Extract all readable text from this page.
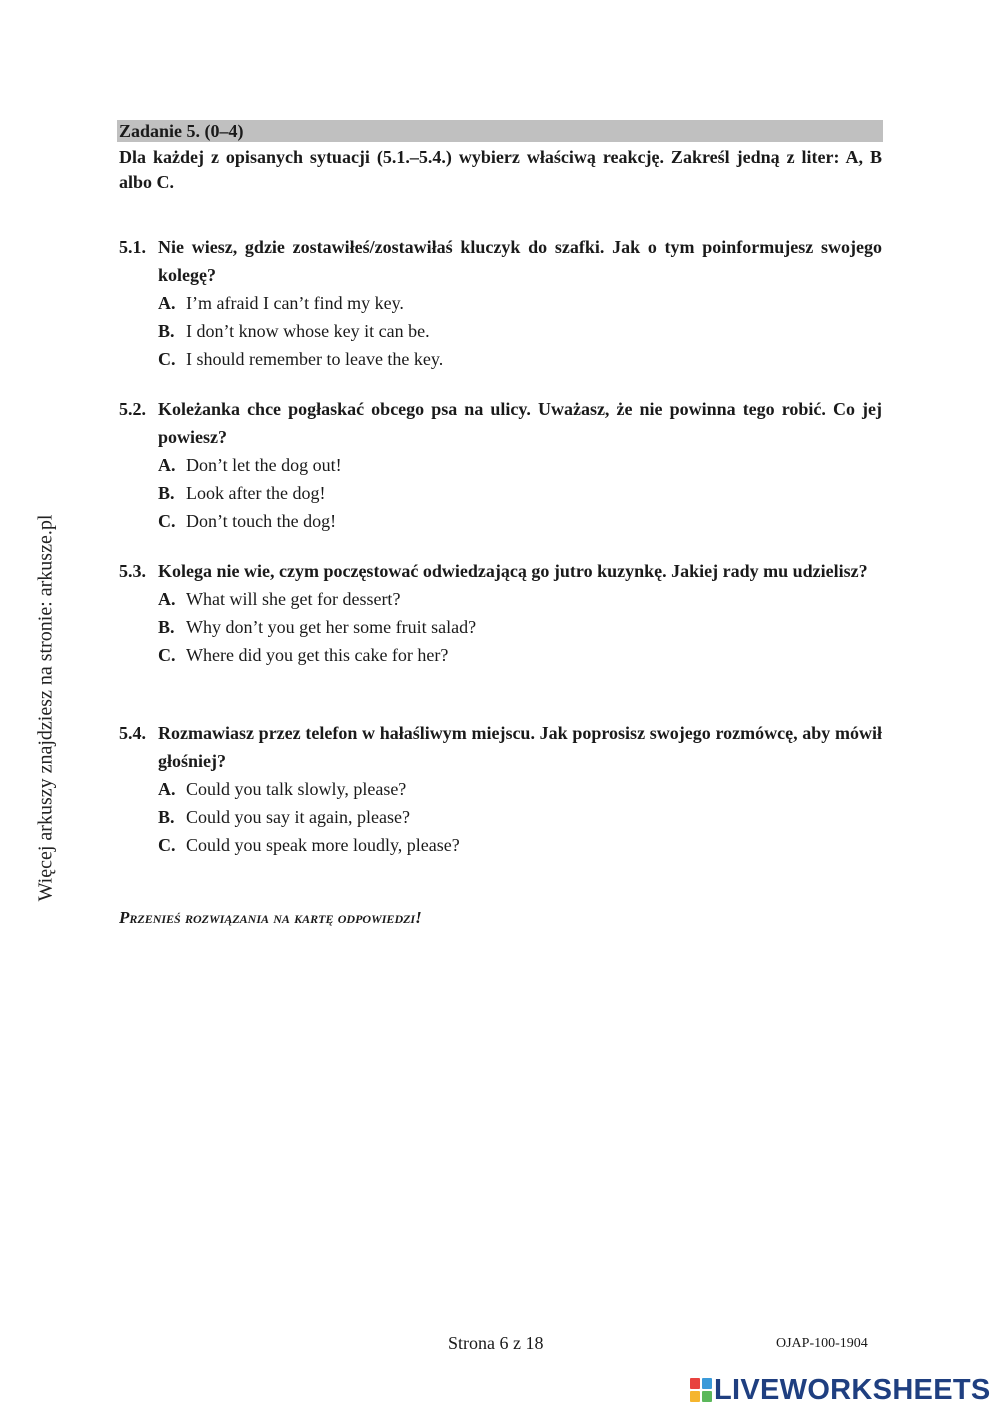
Zadanie 5. (0–4)
Dla każdej z opisanych sytuacji (5.1.–5.4.) wybierz właściwą reakcję. Zakreśl jedną z liter: A, B albo C.
Więcej arkuszy znajdziesz na stronie: arkusze.pl
5.1. Nie wiesz, gdzie zostawiłeś/zostawiłaś kluczyk do szafki. Jak o tym poinformujesz swojego kolegę?
A. I’m afraid I can’t find my key.
B. I don’t know whose key it can be.
C. I should remember to leave the key.
5.2. Koleżanka chce pogłaskać obcego psa na ulicy. Uważasz, że nie powinna tego robić. Co jej powiesz?
A. Don’t let the dog out!
B. Look after the dog!
C. Don’t touch the dog!
5.3. Kolega nie wie, czym poczęstować odwiedzającą go jutro kuzynkę. Jakiej rady mu udzielisz?
A. What will she get for dessert?
B. Why don’t you get her some fruit salad?
C. Where did you get this cake for her?
5.4. Rozmawiasz przez telefon w hałaśliwym miejscu. Jak poprosisz swojego rozmówcę, aby mówił głośniej?
A. Could you talk slowly, please?
B. Could you say it again, please?
C. Could you speak more loudly, please?
Przenieś rozwiązania na kartę odpowiedzi!
Strona 6 z 18	OJAP-100-1904
LIVEWORKSHEETS
